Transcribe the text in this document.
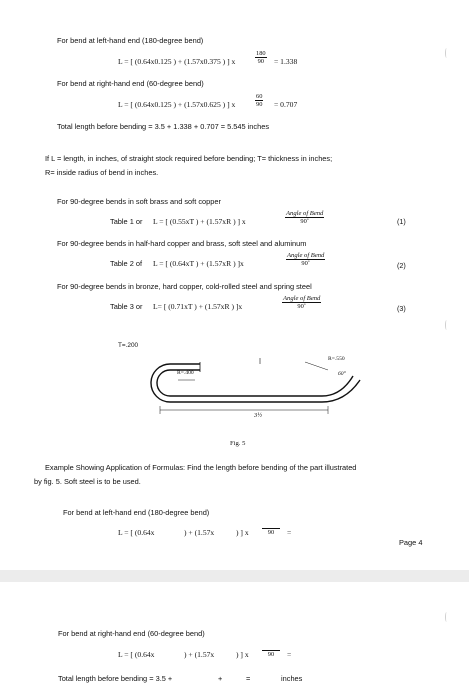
For bend at left-hand end (180-degree bend)
L = [ (0.64x0.125 ) + (1.57x0.375 ) ] x	$\frac{180}{90} = 1.338$
For bend at right-hand end (60-degree bend)
L = [ (0.64x0.125 ) + (1.57x0.625 ) ] x	$\frac{60}{90} = 0.707$
Total length before bending = 3.5 + 1.338 + 0.707 = 5.545 inches
If L = length, in inches, of straight stock required before bending; T= thickness in inches;
R= inside radius of bend in inches.
For 90-degree bends in soft brass and soft copper
Table 1 or L = [ (0.55xT ) + (1.57xR ) ] x
Angle of Bend
90˚	(1)
For 90-degree bends in half-hard copper and brass, soft steel and aluminum
Table 2 of L = [ (0.64xT ) + (1.57xR ) ]x
Angle of Bend
90˚	(2)
For 90-degree bends in bronze, hard copper, cold-rolled steel and spring steel
Table 3 or L= [ (0.71xT ) + (1.57xR ) ]x
Angle of Bend
90˚	(3)
T=.200
R=.400
R=.550
60°
3½
Fig. 5
Example Showing Application of Formulas: Find the length before bending of the part illustrated
by fig. 5. Soft steel is to be used.
For bend at left-hand end (180-degree bend)
L = [ (0.64x	) + (1.57x	) ] x	90	=
Page 4
For bend at right-hand end (60-degree bend)
L = [ (0.64x	) + (1.57x	) ] x	90	=
Total length before bending = 3.5 +	+	=	inches
